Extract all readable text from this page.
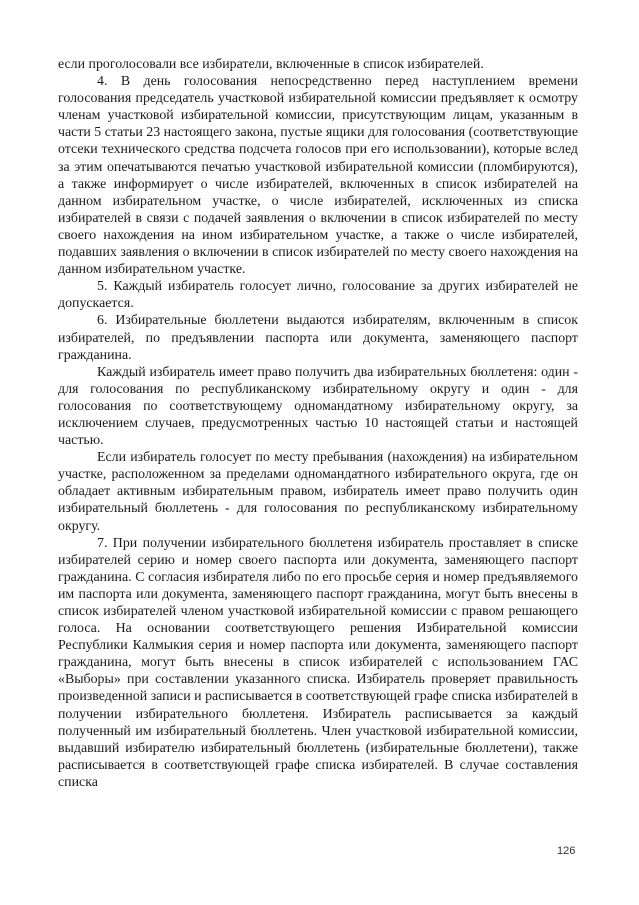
если проголосовали все избиратели, включенные в список избирателей.

4. В день голосования непосредственно перед наступлением времени голосования председатель участковой избирательной комиссии предъявляет к осмотру членам участковой избирательной комиссии, присутствующим лицам, указанным в части 5 статьи 23 настоящего закона, пустые ящики для голосования (соответствующие отсеки технического средства подсчета голосов при его использовании), которые вслед за этим опечатываются печатью участковой избирательной комиссии (пломбируются), а также информирует о числе избирателей, включенных в список избирателей на данном избирательном участке, о числе избирателей, исключенных из списка избирателей в связи с подачей заявления о включении в список избирателей по месту своего нахождения на ином избирательном участке, а также о числе избирателей, подавших заявления о включении в список избирателей по месту своего нахождения на данном избирательном участке.

5. Каждый избиратель голосует лично, голосование за других избирателей не допускается.

6. Избирательные бюллетени выдаются избирателям, включенным в список избирателей, по предъявлении паспорта или документа, заменяющего паспорт гражданина.

Каждый избиратель имеет право получить два избирательных бюллетеня: один - для голосования по республиканскому избирательному округу и один - для голосования по соответствующему одномандатному избирательному округу, за исключением случаев, предусмотренных частью 10 настоящей статьи и настоящей частью.

Если избиратель голосует по месту пребывания (нахождения) на избирательном участке, расположенном за пределами одномандатного избирательного округа, где он обладает активным избирательным правом, избиратель имеет право получить один избирательный бюллетень - для голосования по республиканскому избирательному округу.

7. При получении избирательного бюллетеня избиратель проставляет в списке избирателей серию и номер своего паспорта или документа, заменяющего паспорт гражданина. С согласия избирателя либо по его просьбе серия и номер предъявляемого им паспорта или документа, заменяющего паспорт гражданина, могут быть внесены в список избирателей членом участковой избирательной комиссии с правом решающего голоса. На основании соответствующего решения Избирательной комиссии Республики Калмыкия серия и номер паспорта или документа, заменяющего паспорт гражданина, могут быть внесены в список избирателей с использованием ГАС «Выборы» при составлении указанного списка. Избиратель проверяет правильность произведенной записи и расписывается в соответствующей графе списка избирателей в получении избирательного бюллетеня. Избиратель расписывается за каждый полученный им избирательный бюллетень. Член участковой избирательной комиссии, выдавший избирателю избирательный бюллетень (избирательные бюллетени), также расписывается в соответствующей графе списка избирателей. В случае составления списка

126
